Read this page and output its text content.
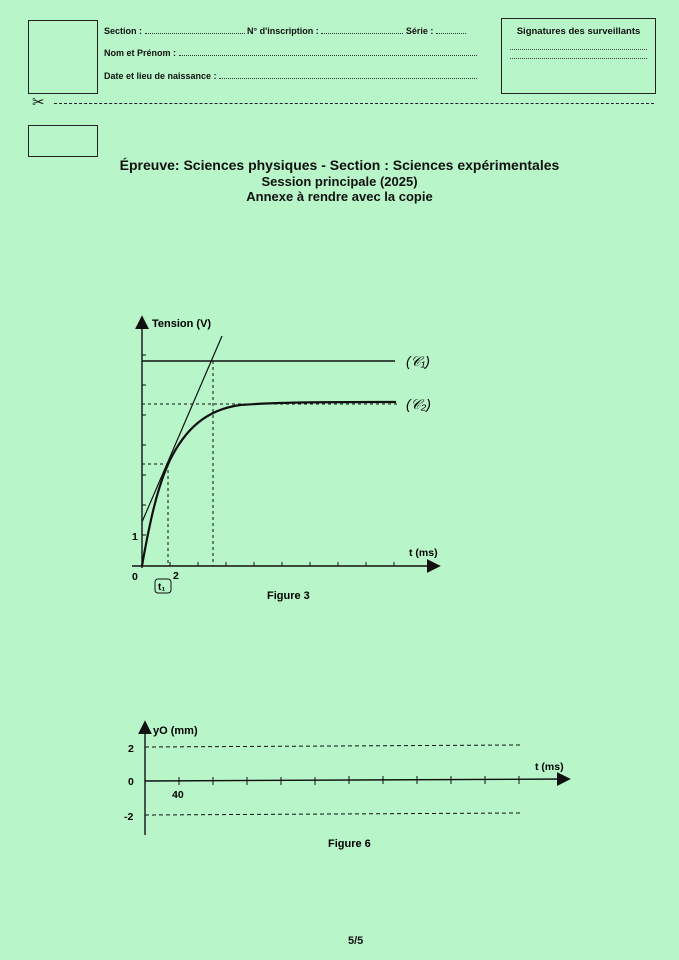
Section :	N° d'inscription :	Série :
Nom et Prénom :
Date et lieu de naissance :
Signatures des surveillants
✂
Épreuve: Sciences physiques - Section : Sciences expérimentales
Session principale (2025)
Annexe à rendre avec la copie
Tension (V)
t (ms)
0
1
2
t₁
(𝒞₁)
(𝒞₂)
Figure 3
yO (mm)
t (ms)
2
0
-2
40
Figure 6
5/5
